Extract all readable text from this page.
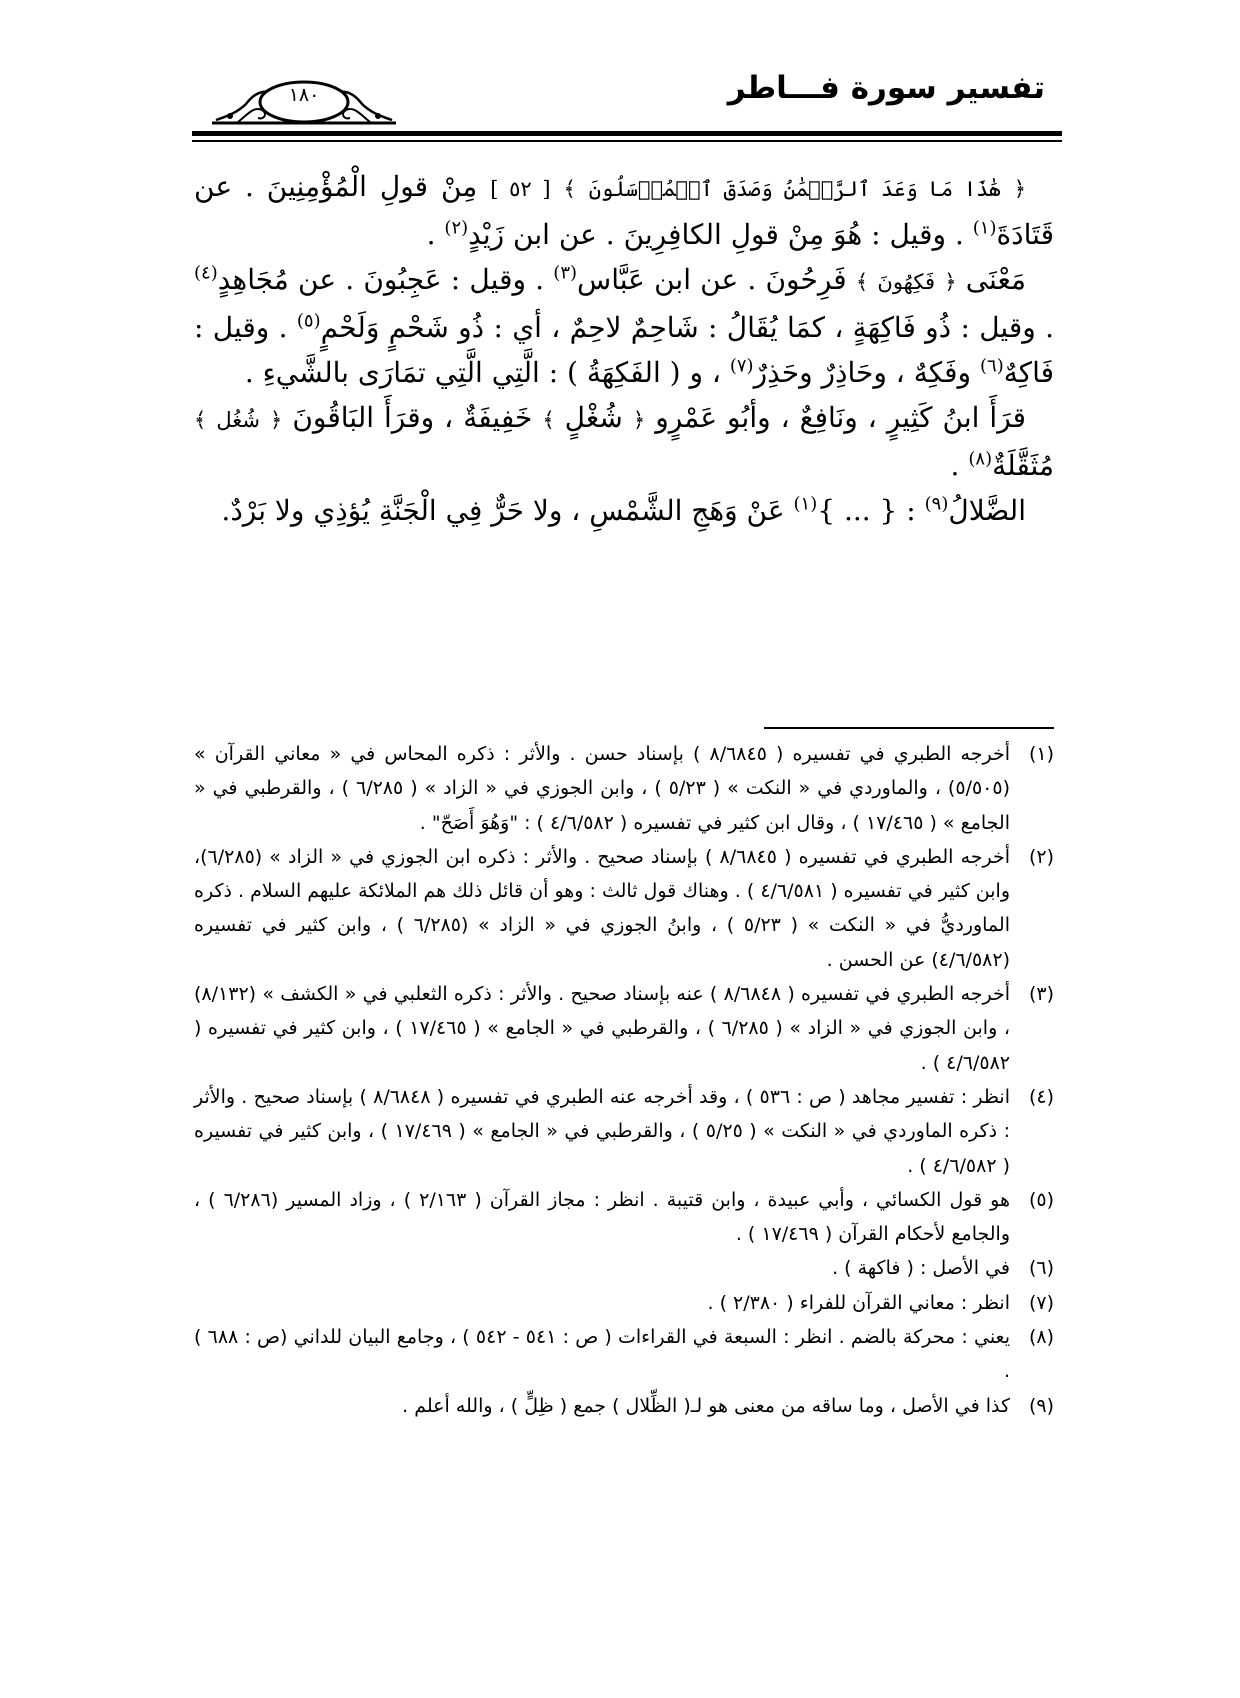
تفسير سورة فـــاطر
١٨٠

﴿ هَٰذَا مَا وَعَدَ ٱلرَّحۡمَٰنُ وَصَدَقَ ٱلۡمُرۡسَلُونَ ﴾ [ ٥٢ ] مِنْ قولِ الْمُؤْمِنِينَ . عن قَتَادَةَ$^{(١)}$ . وقيل : هُوَ مِنْ قولِ الكافِرِينَ . عن ابن زَيْدٍ$^{(٢)}$ .

مَعْنَى ﴿ فَكِهُونَ ﴾ فَرِحُونَ . عن ابن عَبَّاس$^{(٣)}$ . وقيل : عَجِبُونَ . عن مُجَاهِدٍ$^{(٤)}$ . وقيل : ذُو فَاكِهَةٍ ، كمَا يُقَالُ : شَاحِمٌ لاحِمٌ ، أي : ذُو شَحْمٍ وَلَحْمٍ$^{(٥)}$ . وقيل : فَاكِهٌ$^{(٦)}$ وفَكِهٌ ، وحَاذِرٌ وحَذِرٌ$^{(٧)}$ ، و ( الفَكِهَةُ ) : الَّتِي الَّتِي تمَارَى بالشَّيءِ .

قرَأَ ابنُ كَثِيرٍ ، ونَافِعٌ ، وأبُو عَمْرٍو ﴿ شُغْلٍ ﴾ خَفِيفَةٌ ، وقرَأَ البَاقُونَ ﴿ شُغُل ﴾ مُثَقَّلَةٌ$^{(٨)}$ .

الضَّلالُ$^{(٩)}$ : { ... }$^{(١)}$ عَنْ وَهَجِ الشَّمْسِ ، ولا حَرٌّ فِي الْجَنَّةِ يُؤذِي ولا بَرْدٌ.

(١)
أخرجه الطبري في تفسيره ( ٨/٦٨٤٥ ) بإسناد حسن . والأثر : ذكره المحاس في « معاني القرآن » (٥/٥٠٥) ، والماوردي في « النكت » ( ٥/٢٣ ) ، وابن الجوزي في « الزاد » ( ٦/٢٨٥ ) ، والقرطبي في « الجامع » ( ١٧/٤٦٥ ) ، وقال ابن كثير في تفسيره ( ٤/٦/٥٨٢ ) : "وَهُوَ أَصَحّ" .
(٢)
أخرجه الطبري في تفسيره ( ٨/٦٨٤٥ ) بإسناد صحيح . والأثر : ذكره ابن الجوزي في « الزاد » (٦/٢٨٥)، وابن كثير في تفسيره ( ٤/٦/٥٨١ ) . وهناك قول ثالث : وهو أن قائل ذلك هم الملائكة عليهم السلام . ذكره الماورديُّ في « النكت » ( ٥/٢٣ ) ، وابنُ الجوزي في « الزاد » (٦/٢٨٥ ) ، وابن كثير في تفسيره (٤/٦/٥٨٢) عن الحسن .
(٣)
أخرجه الطبري في تفسيره ( ٨/٦٨٤٨ ) عنه بإسناد صحيح . والأثر : ذكره الثعلبي في « الكشف » (٨/١٣٢) ، وابن الجوزي في « الزاد » ( ٦/٢٨٥ ) ، والقرطبي في « الجامع » ( ١٧/٤٦٥ ) ، وابن كثير في تفسيره ( ٤/٦/٥٨٢ ) .
(٤)
انظر : تفسير مجاهد ( ص : ٥٣٦ ) ، وقد أخرجه عنه الطبري في تفسيره ( ٨/٦٨٤٨ ) بإسناد صحيح . والأثر : ذكره الماوردي في « النكت » ( ٥/٢٥ ) ، والقرطبي في « الجامع » ( ١٧/٤٦٩ ) ، وابن كثير في تفسيره ( ٤/٦/٥٨٢ ) .
(٥)
هو قول الكسائي ، وأبي عبيدة ، وابن قتيبة . انظر : مجاز القرآن ( ٢/١٦٣ ) ، وزاد المسير (٦/٢٨٦ ) ، والجامع لأحكام القرآن ( ١٧/٤٦٩ ) .
(٦)
في الأصل : ( فاكهة ) .
(٧)
انظر : معاني القرآن للفراء ( ٢/٣٨٠ ) .
(٨)
يعني : محركة بالضم . انظر : السبعة في القراءات ( ص : ٥٤١ - ٥٤٢ ) ، وجامع البيان للداني (ص : ٦٨٨ ) .
(٩)
كذا في الأصل ، وما ساقه من معنى هو لـ( الظِّلال ) جمع ( ظِلٍّ ) ، والله أعلم .
